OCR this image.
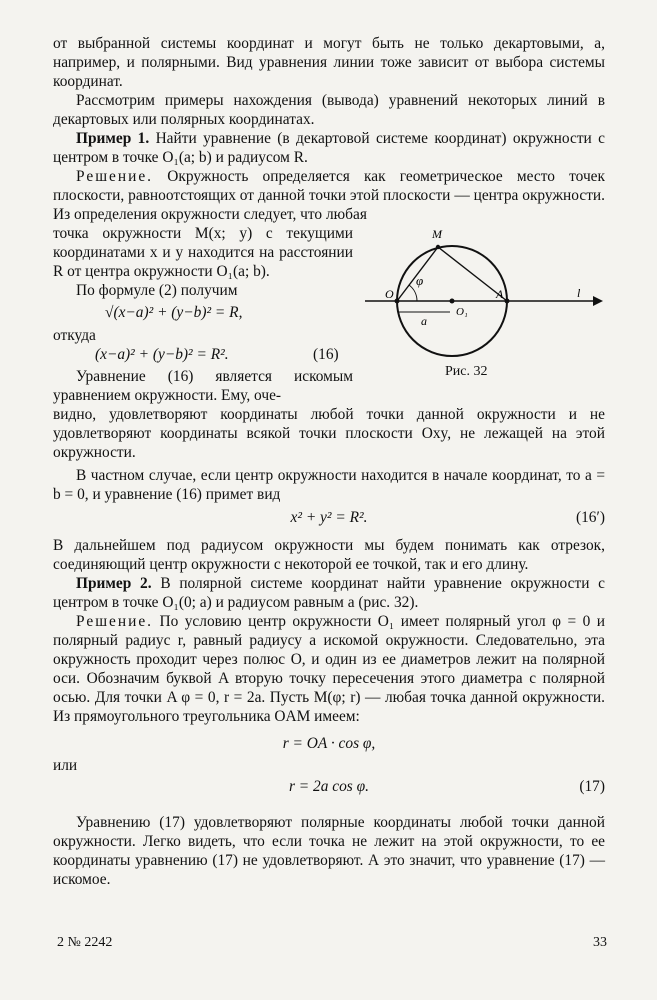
от выбранной системы координат и могут быть не только декартовыми, а, например, и полярными. Вид уравнения линии тоже зависит от выбора системы координат.

Рассмотрим примеры нахождения (вывода) уравнений некоторых линий в декартовых или полярных координатах.

Пример 1. Найти уравнение (в декартовой системе координат) окружности с центром в точке O₁(a; b) и радиусом R.

Решение. Окружность определяется как геометрическое место точек плоскости, равноотстоящих от данной точки этой плоскости — центра окружности. Из определения окружности следует, что любая

точка окружности M(x; y) с текущими координатами x и y находится на расстоянии R от центра окружности O₁(a; b).

По формуле (2) получим

√(x−a)² + (y−b)² = R,

откуда

(x−a)² + (y−b)² = R².	(16)

Уравнение (16) является искомым уравнением окружности. Ему, оче-

M
O	A
O₁
φ
a
l
Рис. 32

видно, удовлетворяют координаты любой точки данной окружности и не удовлетворяют координаты всякой точки плоскости Oxy, не лежащей на этой окружности.

В частном случае, если центр окружности находится в начале координат, то a = b = 0, и уравнение (16) примет вид

x² + y² = R².	(16′)

В дальнейшем под радиусом окружности мы будем понимать как отрезок, соединяющий центр окружности с некоторой ее точкой, так и его длину.

Пример 2. В полярной системе координат найти уравнение окружности с центром в точке O₁(0; a) и радиусом равным a (рис. 32).

Решение. По условию центр окружности O₁ имеет полярный угол φ = 0 и полярный радиус r, равный радиусу a искомой окружности. Следовательно, эта окружность проходит через полюс O, и один из ее диаметров лежит на полярной оси. Обозначим буквой A вторую точку пересечения этого диаметра с полярной осью. Для точки A φ = 0, r = 2a. Пусть M(φ; r) — любая точка данной окружности. Из прямоугольного треугольника OAM имеем:

r = OA · cos φ,

или

r = 2a cos φ.	(17)

Уравнению (17) удовлетворяют полярные координаты любой точки данной окружности. Легко видеть, что если точка не лежит на этой окружности, то ее координаты уравнению (17) не удовлетворяют. А это значит, что уравнение (17) — искомое.

2 № 2242	33
